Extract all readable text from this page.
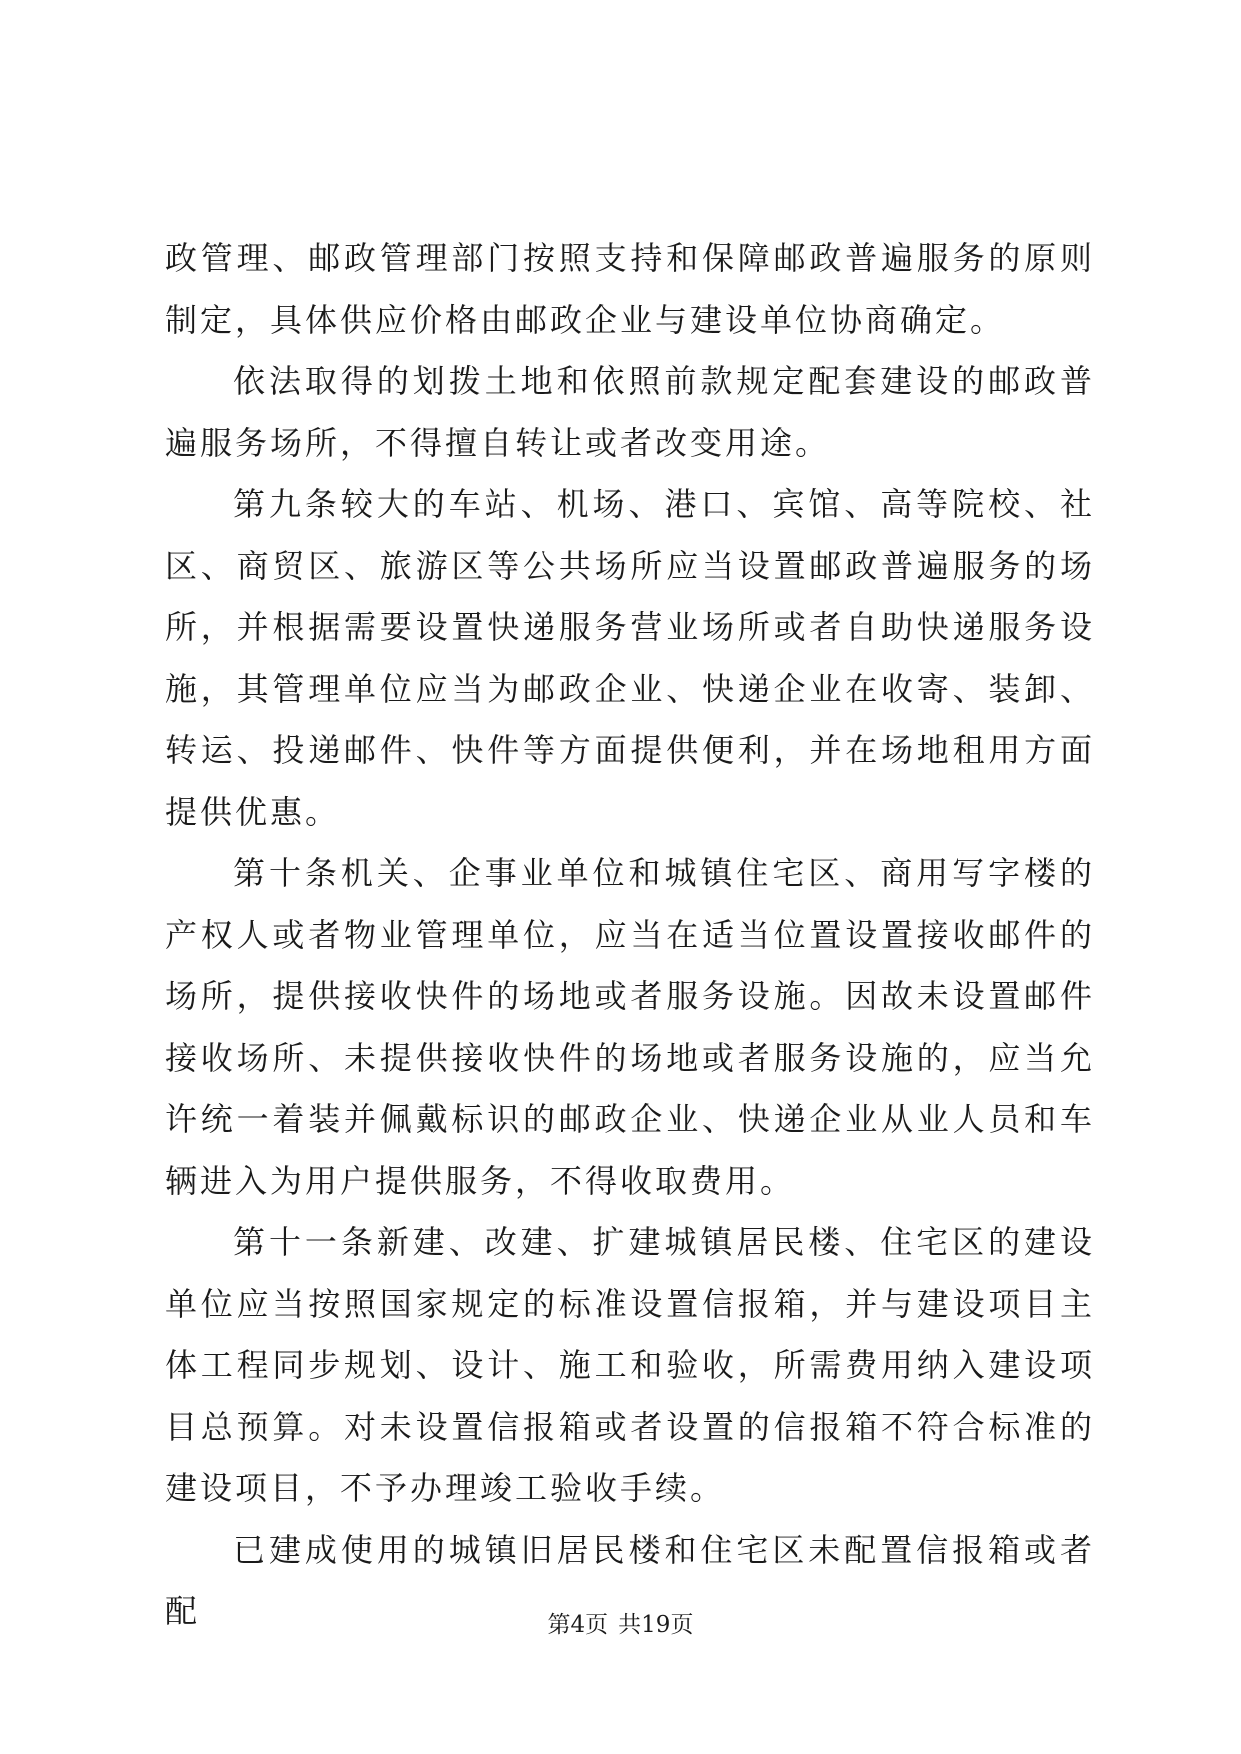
政管理、邮政管理部门按照支持和保障邮政普遍服务的原则制定，具体供应价格由邮政企业与建设单位协商确定。

依法取得的划拨土地和依照前款规定配套建设的邮政普遍服务场所，不得擅自转让或者改变用途。

第九条较大的车站、机场、港口、宾馆、高等院校、社区、商贸区、旅游区等公共场所应当设置邮政普遍服务的场所，并根据需要设置快递服务营业场所或者自助快递服务设施，其管理单位应当为邮政企业、快递企业在收寄、装卸、转运、投递邮件、快件等方面提供便利，并在场地租用方面提供优惠。

第十条机关、企事业单位和城镇住宅区、商用写字楼的产权人或者物业管理单位，应当在适当位置设置接收邮件的场所，提供接收快件的场地或者服务设施。因故未设置邮件接收场所、未提供接收快件的场地或者服务设施的，应当允许统一着装并佩戴标识的邮政企业、快递企业从业人员和车辆进入为用户提供服务，不得收取费用。

第十一条新建、改建、扩建城镇居民楼、住宅区的建设单位应当按照国家规定的标准设置信报箱，并与建设项目主体工程同步规划、设计、施工和验收，所需费用纳入建设项目总预算。对未设置信报箱或者设置的信报箱不符合标准的建设项目，不予办理竣工验收手续。

已建成使用的城镇旧居民楼和住宅区未配置信报箱或者配	第4页 共19页
